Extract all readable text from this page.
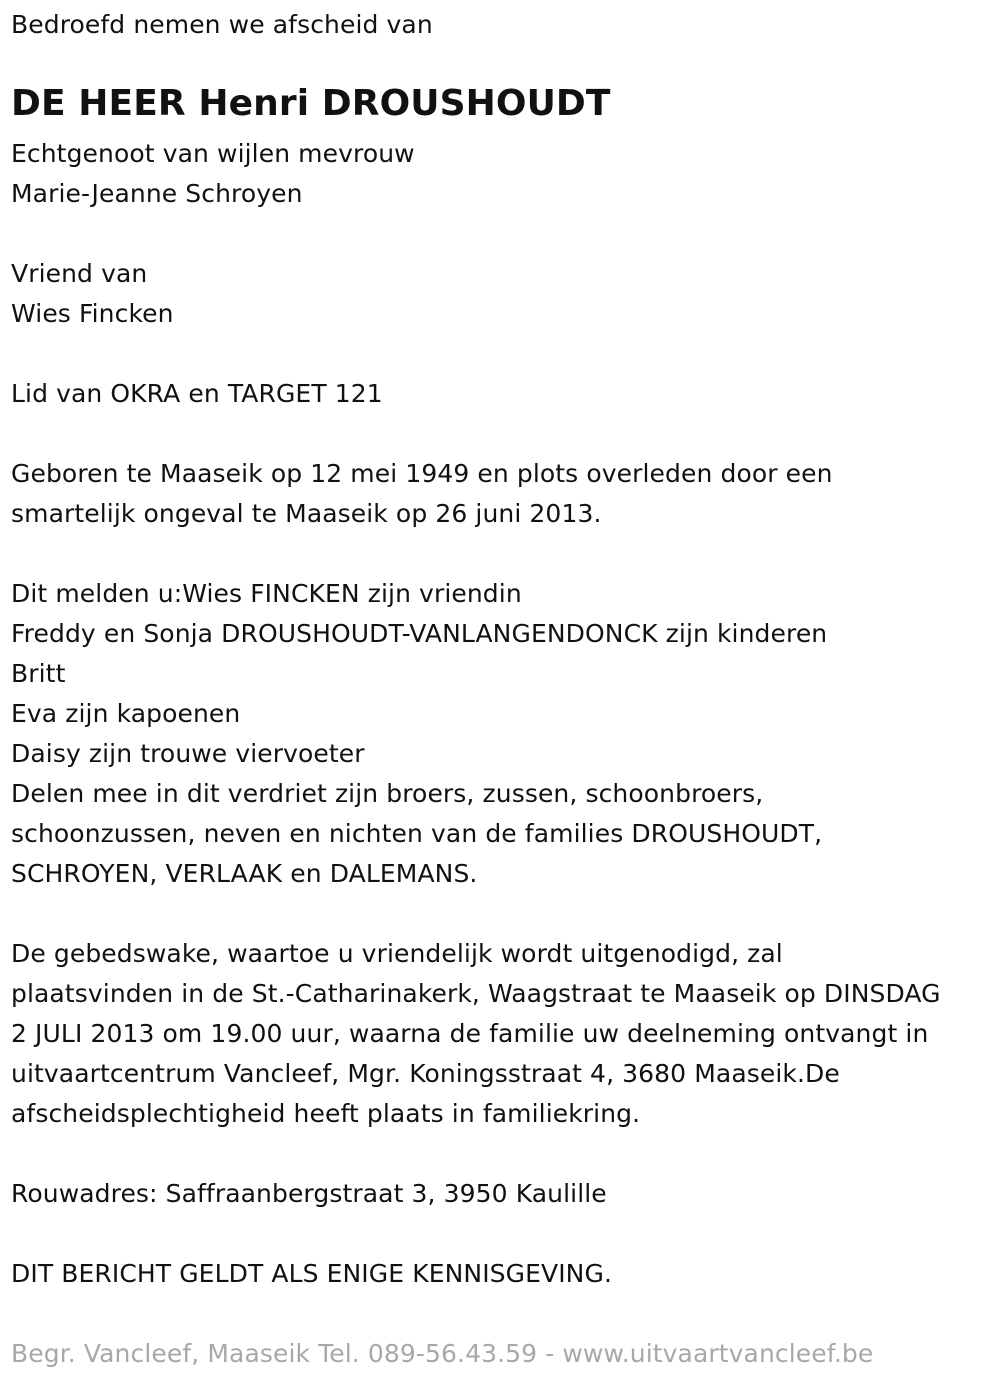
Bedroefd nemen we afscheid van
DE HEER Henri DROUSHOUDT
Echtgenoot van wijlen mevrouw
Marie-Jeanne Schroyen
Vriend van
Wies Fincken
Lid van OKRA en TARGET 121
Geboren te Maaseik op 12 mei 1949 en plots overleden door een
smartelijk ongeval te Maaseik op 26 juni 2013.
Dit melden u:Wies FINCKEN zijn vriendin
Freddy en Sonja DROUSHOUDT-VANLANGENDONCK zijn kinderen
Britt
Eva zijn kapoenen
Daisy zijn trouwe viervoeter
Delen mee in dit verdriet zijn broers, zussen, schoonbroers,
schoonzussen, neven en nichten van de families DROUSHOUDT,
SCHROYEN, VERLAAK en DALEMANS.
De gebedswake, waartoe u vriendelijk wordt uitgenodigd, zal
plaatsvinden in de St.-Catharinakerk, Waagstraat te Maaseik op DINSDAG
2 JULI 2013 om 19.00 uur, waarna de familie uw deelneming ontvangt in
uitvaartcentrum Vancleef, Mgr. Koningsstraat 4, 3680 Maaseik.De
afscheidsplechtigheid heeft plaats in familiekring.
Rouwadres: Saffraanbergstraat 3, 3950 Kaulille
DIT BERICHT GELDT ALS ENIGE KENNISGEVING.
Begr. Vancleef, Maaseik Tel. 089-56.43.59 - www.uitvaartvancleef.be
